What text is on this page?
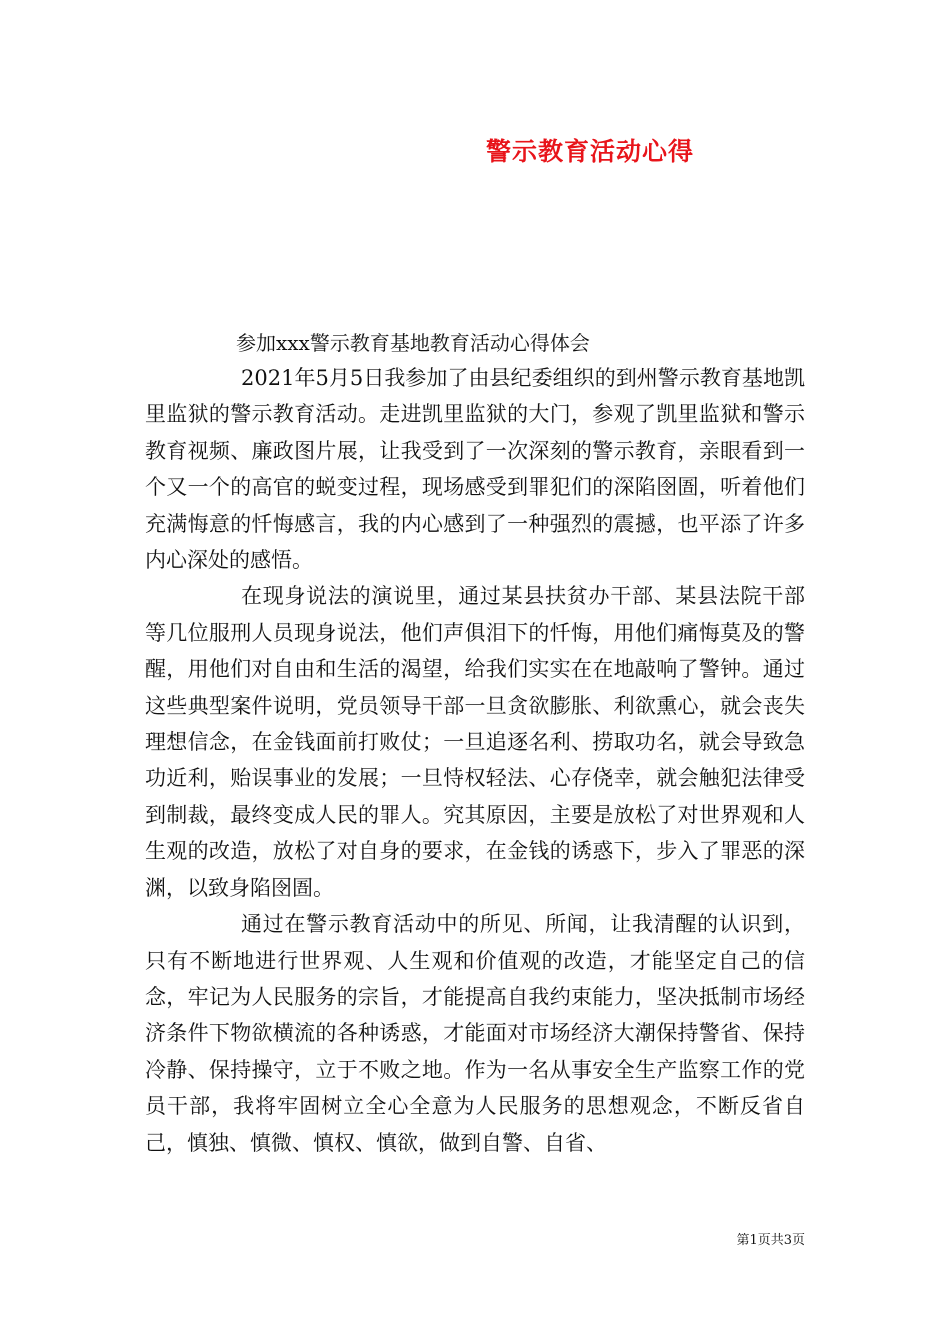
警示教育活动心得
参加xxx警示教育基地教育活动心得体会

2021年5月5日我参加了由县纪委组织的到州警示教育基地凯里监狱的警示教育活动。走进凯里监狱的大门，参观了凯里监狱和警示教育视频、廉政图片展，让我受到了一次深刻的警示教育，亲眼看到一个又一个的高官的蜕变过程，现场感受到罪犯们的深陷囹圄，听着他们充满悔意的忏悔感言，我的内心感到了一种强烈的震撼，也平添了许多内心深处的感悟。

在现身说法的演说里，通过某县扶贫办干部、某县法院干部等几位服刑人员现身说法，他们声俱泪下的忏悔，用他们痛悔莫及的警醒，用他们对自由和生活的渴望，给我们实实在在地敲响了警钟。通过这些典型案件说明，党员领导干部一旦贪欲膨胀、利欲熏心，就会丧失理想信念，在金钱面前打败仗；一旦追逐名利、捞取功名，就会导致急功近利，贻误事业的发展；一旦恃权轻法、心存侥幸，就会触犯法律受到制裁，最终变成人民的罪人。究其原因，主要是放松了对世界观和人生观的改造，放松了对自身的要求，在金钱的诱惑下，步入了罪恶的深渊，以致身陷囹圄。

通过在警示教育活动中的所见、所闻，让我清醒的认识到，只有不断地进行世界观、人生观和价值观的改造，才能坚定自己的信念，牢记为人民服务的宗旨，才能提高自我约束能力，坚决抵制市场经济条件下物欲横流的各种诱惑，才能面对市场经济大潮保持警省、保持冷静、保持操守，立于不败之地。作为一名从事安全生产监察工作的党员干部，我将牢固树立全心全意为人民服务的思想观念，不断反省自己，慎独、慎微、慎权、慎欲，做到自警、自省、

第1页共3页
